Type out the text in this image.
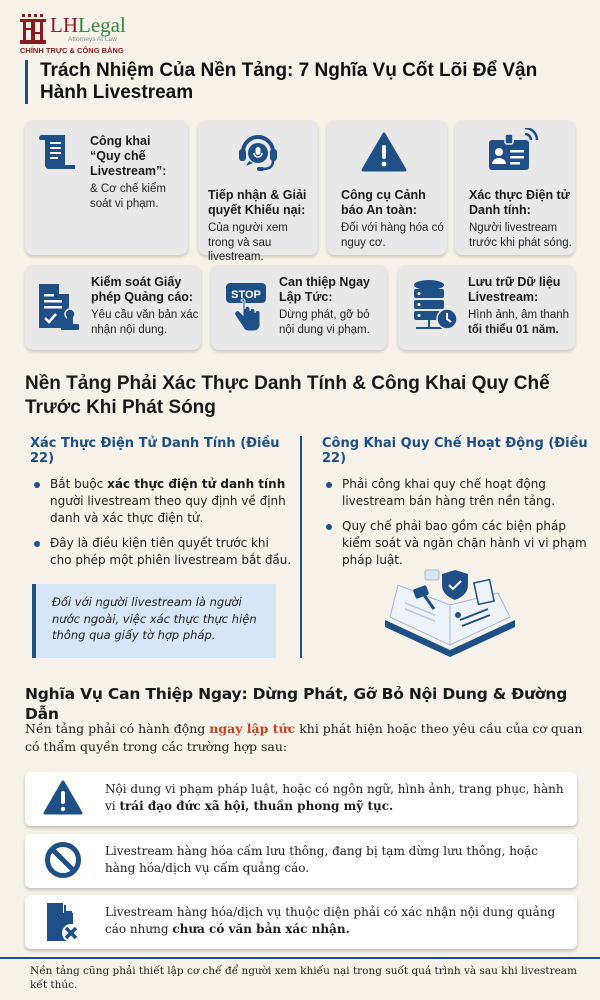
LHLegal
Attorneys At Law
CHÍNH TRỰC & CÔNG BẰNG
Trách Nhiệm Của Nền Tảng: 7 Nghĩa Vụ Cốt Lõi Để Vận Hành Livestream
Công khai “Quy chế Livestream”:
& Cơ chế kiểm soát vi phạm.
Tiếp nhận & Giải quyết Khiếu nại:
Của người xem trong và sau livestream.
Công cụ Cảnh báo An toàn:
Đối với hàng hóa có nguy cơ.
Xác thực Điện tử Danh tính:
Người livestream trước khi phát sóng.
Kiểm soát Giấy phép Quảng cáo:
Yêu cầu văn bản xác nhận nội dung.
STOP
Can thiệp Ngay Lập Tức:
Dừng phát, gỡ bỏ nội dung vi phạm.
Lưu trữ Dữ liệu Livestream:
Hình ảnh, âm thanh tối thiểu 01 năm.
Nền Tảng Phải Xác Thực Danh Tính & Công Khai Quy Chế Trước Khi Phát Sóng
Xác Thực Điện Tử Danh Tính (Điều 22)
Bắt buộc xác thực điện tử danh tính người livestream theo quy định về định danh và xác thực điện tử.
Đây là điều kiện tiên quyết trước khi cho phép một phiên livestream bắt đầu.
Đối với người livestream là người nước ngoài, việc xác thực thực hiện thông qua giấy tờ hợp pháp.
Công Khai Quy Chế Hoạt Động (Điều 22)
Phải công khai quy chế hoạt động livestream bán hàng trên nền tảng.
Quy chế phải bao gồm các biện pháp kiểm soát và ngăn chặn hành vi vi phạm pháp luật.
Nghĩa Vụ Can Thiệp Ngay: Dừng Phát, Gỡ Bỏ Nội Dung & Đường Dẫn
Nền tảng phải có hành động ngay lập tức khi phát hiện hoặc theo yêu cầu của cơ quan có thẩm quyền trong các trường hợp sau:
Nội dung vi phạm pháp luật, hoặc có ngôn ngữ, hình ảnh, trang phục, hành vi trái đạo đức xã hội, thuần phong mỹ tục.
Livestream hàng hóa cấm lưu thông, đang bị tạm dừng lưu thông, hoặc hàng hóa/dịch vụ cấm quảng cáo.
Livestream hàng hóa/dịch vụ thuộc diện phải có xác nhận nội dung quảng cáo nhưng chưa có văn bản xác nhận.
Nền tảng cũng phải thiết lập cơ chế để người xem khiếu nại trong suốt quá trình và sau khi livestream kết thúc.
